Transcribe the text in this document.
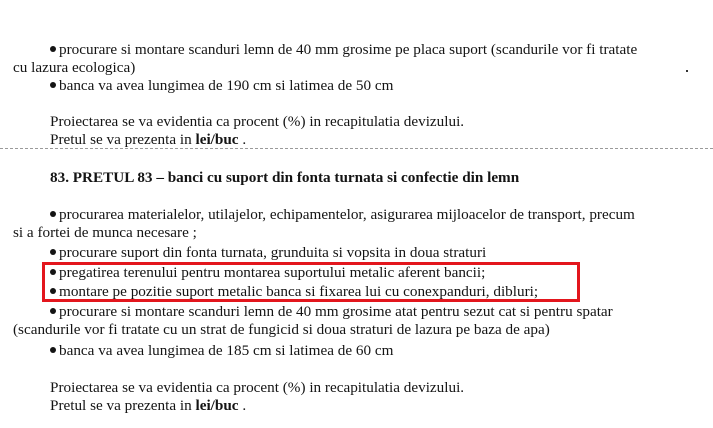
procurare si montare scanduri lemn de 40 mm grosime pe placa suport (scandurile vor fi tratate
cu lazura ecologica)
banca va avea lungimea de 190 cm si latimea de 50 cm
Proiectarea se va evidentia ca procent (%) in recapitulatia devizului.
Pretul se va prezenta in lei/buc .
83. PRETUL 83 – banci cu suport din fonta turnata si confectie din lemn
procurarea materialelor, utilajelor, echipamentelor, asigurarea mijloacelor de transport, precum
si a fortei de munca necesare ;
procurare suport din fonta turnata, grunduita si vopsita in doua straturi
pregatirea terenului pentru montarea suportului metalic aferent bancii;
montare pe pozitie suport metalic banca si fixarea lui cu conexpanduri, dibluri;
procurare si montare scanduri lemn de 40 mm grosime atat pentru sezut cat si pentru spatar
(scandurile vor fi tratate cu un strat de fungicid si doua straturi de lazura pe baza de apa)
banca va avea lungimea de 185 cm si latimea de 60 cm
Proiectarea se va evidentia ca procent (%) in recapitulatia devizului.
Pretul se va prezenta in lei/buc .
